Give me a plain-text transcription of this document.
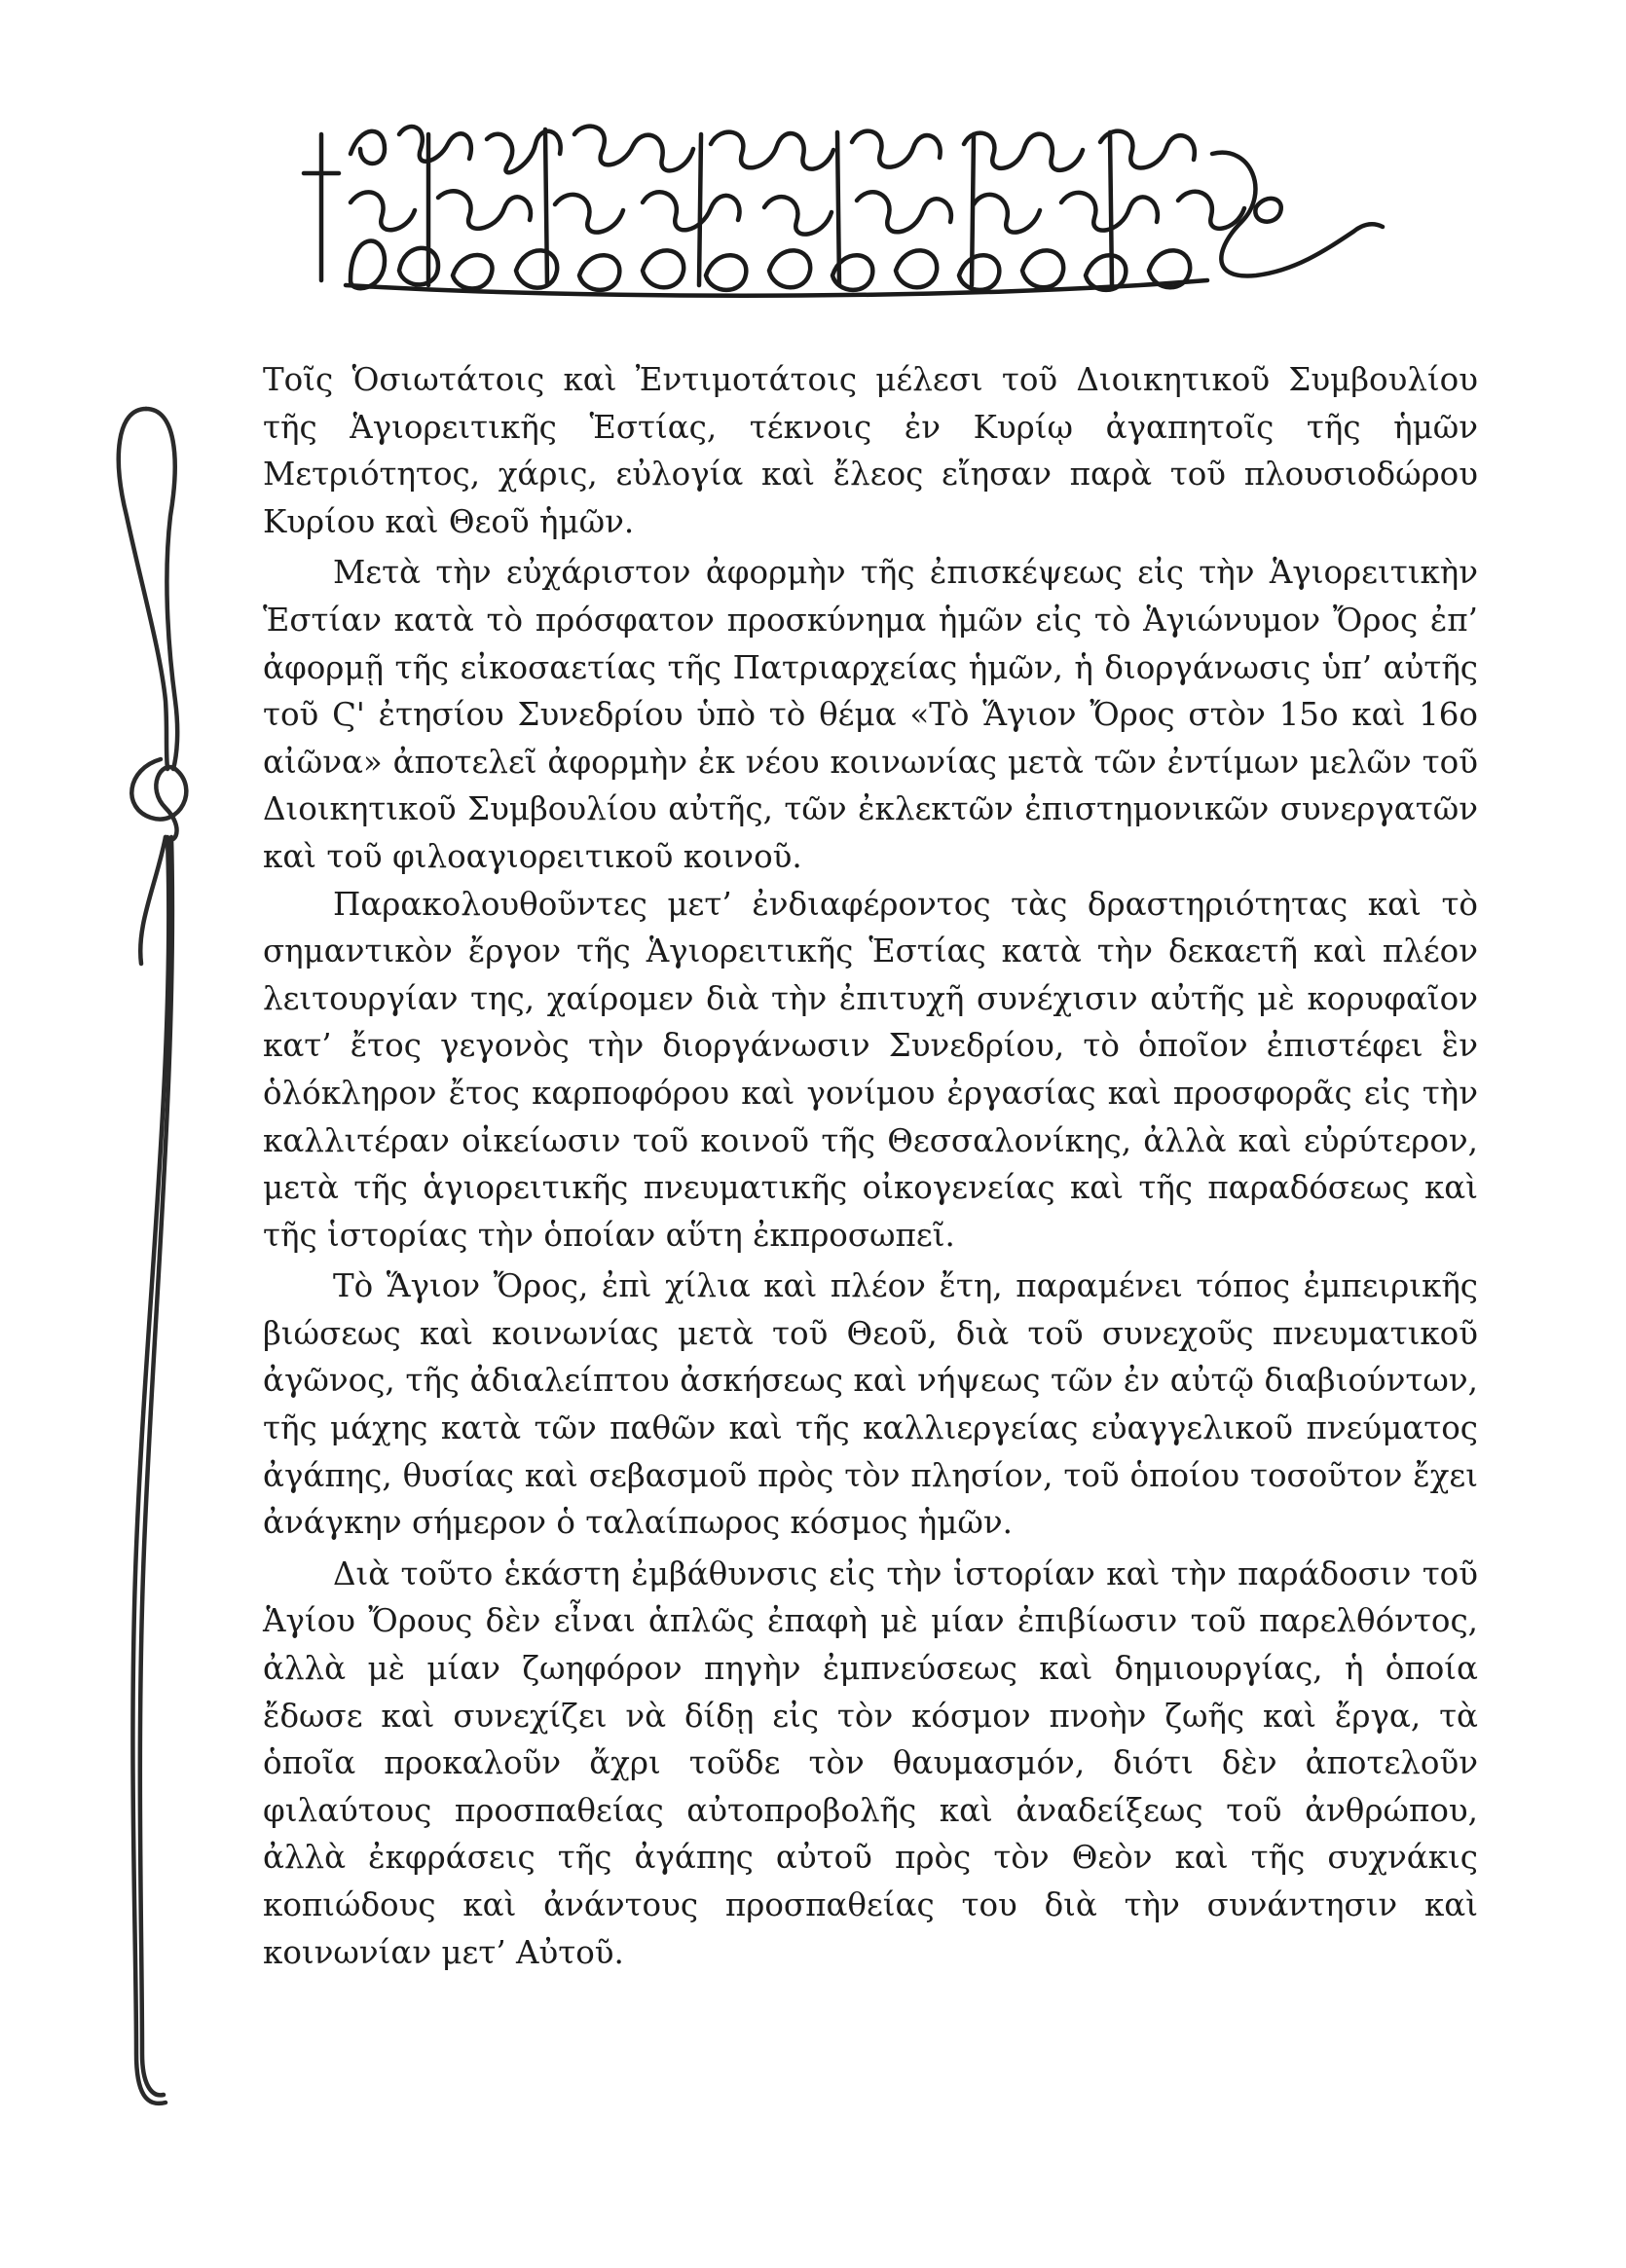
Τοῖς Ὁσιωτάτοις καὶ Ἐντιμοτάτοις μέλεσι τοῦ Διοικητικοῦ Συμβουλίου τῆς Ἁγιορειτικῆς Ἑστίας, τέκνοις ἐν Κυρίῳ ἀγαπητοῖς τῆς ἡμῶν Μετριότητος, χάρις, εὐλογία καὶ ἔλεος εἴησαν παρὰ τοῦ πλουσιοδώρου Κυρίου καὶ Θεοῦ ἡμῶν.

Μετὰ τὴν εὐχάριστον ἀφορμὴν τῆς ἐπισκέψεως εἰς τὴν Ἁγιορειτικὴν Ἑστίαν κατὰ τὸ πρόσφατον προσκύνημα ἡμῶν εἰς τὸ Ἁγιώνυμον Ὄρος ἐπ’ ἀφορμῇ τῆς εἰκοσαετίας τῆς Πατριαρχείας ἡμῶν, ἡ διοργάνωσις ὑπ’ αὐτῆς τοῦ Ϛ' ἐτησίου Συνεδρίου ὑπὸ τὸ θέμα «Τὸ Ἅγιον Ὄρος στὸν 15ο καὶ 16ο αἰῶνα» ἀποτελεῖ ἀφορμὴν ἐκ νέου κοινωνίας μετὰ τῶν ἐντίμων μελῶν τοῦ Διοικητικοῦ Συμβουλίου αὐτῆς, τῶν ἐκλεκτῶν ἐπιστημονικῶν συνεργατῶν καὶ τοῦ φιλοαγιορειτικοῦ κοινοῦ.

Παρακολουθοῦντες μετ’ ἐνδιαφέροντος τὰς δραστηριότητας καὶ τὸ σημαντικὸν ἔργον τῆς Ἁγιορειτικῆς Ἑστίας κατὰ τὴν δεκαετῆ καὶ πλέον λειτουργίαν της, χαίρομεν διὰ τὴν ἐπιτυχῆ συνέχισιν αὐτῆς μὲ κορυφαῖον κατ’ ἔτος γεγονὸς τὴν διοργάνωσιν Συνεδρίου, τὸ ὁποῖον ἐπιστέφει ἓν ὁλόκληρον ἔτος καρποφόρου καὶ γονίμου ἐργασίας καὶ προσφορᾶς εἰς τὴν καλλιτέραν οἰκείωσιν τοῦ κοινοῦ τῆς Θεσσαλονίκης, ἀλλὰ καὶ εὐρύτερον, μετὰ τῆς ἁγιορειτικῆς πνευματικῆς οἰκογενείας καὶ τῆς παραδόσεως καὶ τῆς ἱστορίας τὴν ὁποίαν αὕτη ἐκπροσωπεῖ.

Τὸ Ἅγιον Ὄρος, ἐπὶ χίλια καὶ πλέον ἔτη, παραμένει τόπος ἐμπειρικῆς βιώσεως καὶ κοινωνίας μετὰ τοῦ Θεοῦ, διὰ τοῦ συνεχοῦς πνευματικοῦ ἀγῶνος, τῆς ἀδιαλείπτου ἀσκήσεως καὶ νήψεως τῶν ἐν αὐτῷ διαβιούντων, τῆς μάχης κατὰ τῶν παθῶν καὶ τῆς καλλιεργείας εὐαγγελικοῦ πνεύματος ἀγάπης, θυσίας καὶ σεβασμοῦ πρὸς τὸν πλησίον, τοῦ ὁποίου τοσοῦτον ἔχει ἀνάγκην σήμερον ὁ ταλαίπωρος κόσμος ἡμῶν.

Διὰ τοῦτο ἑκάστη ἐμβάθυνσις εἰς τὴν ἱστορίαν καὶ τὴν παράδοσιν τοῦ Ἁγίου Ὄρους δὲν εἶναι ἁπλῶς ἐπαφὴ μὲ μίαν ἐπιβίωσιν τοῦ παρελθόντος, ἀλλὰ μὲ μίαν ζωηφόρον πηγὴν ἐμπνεύσεως καὶ δημιουργίας, ἡ ὁποία ἔδωσε καὶ συνεχίζει νὰ δίδῃ εἰς τὸν κόσμον πνοὴν ζωῆς καὶ ἔργα, τὰ ὁποῖα προκαλοῦν ἄχρι τοῦδε τὸν θαυμασμόν, διότι δὲν ἀποτελοῦν φιλαύτους προσπαθείας αὐτοπροβολῆς καὶ ἀναδείξεως τοῦ ἀνθρώπου, ἀλλὰ ἐκφράσεις τῆς ἀγάπης αὐτοῦ πρὸς τὸν Θεὸν καὶ τῆς συχνάκις κοπιώδους καὶ ἀνάντους προσπαθείας του διὰ τὴν συνάντησιν καὶ κοινωνίαν μετ’ Αὐτοῦ.
